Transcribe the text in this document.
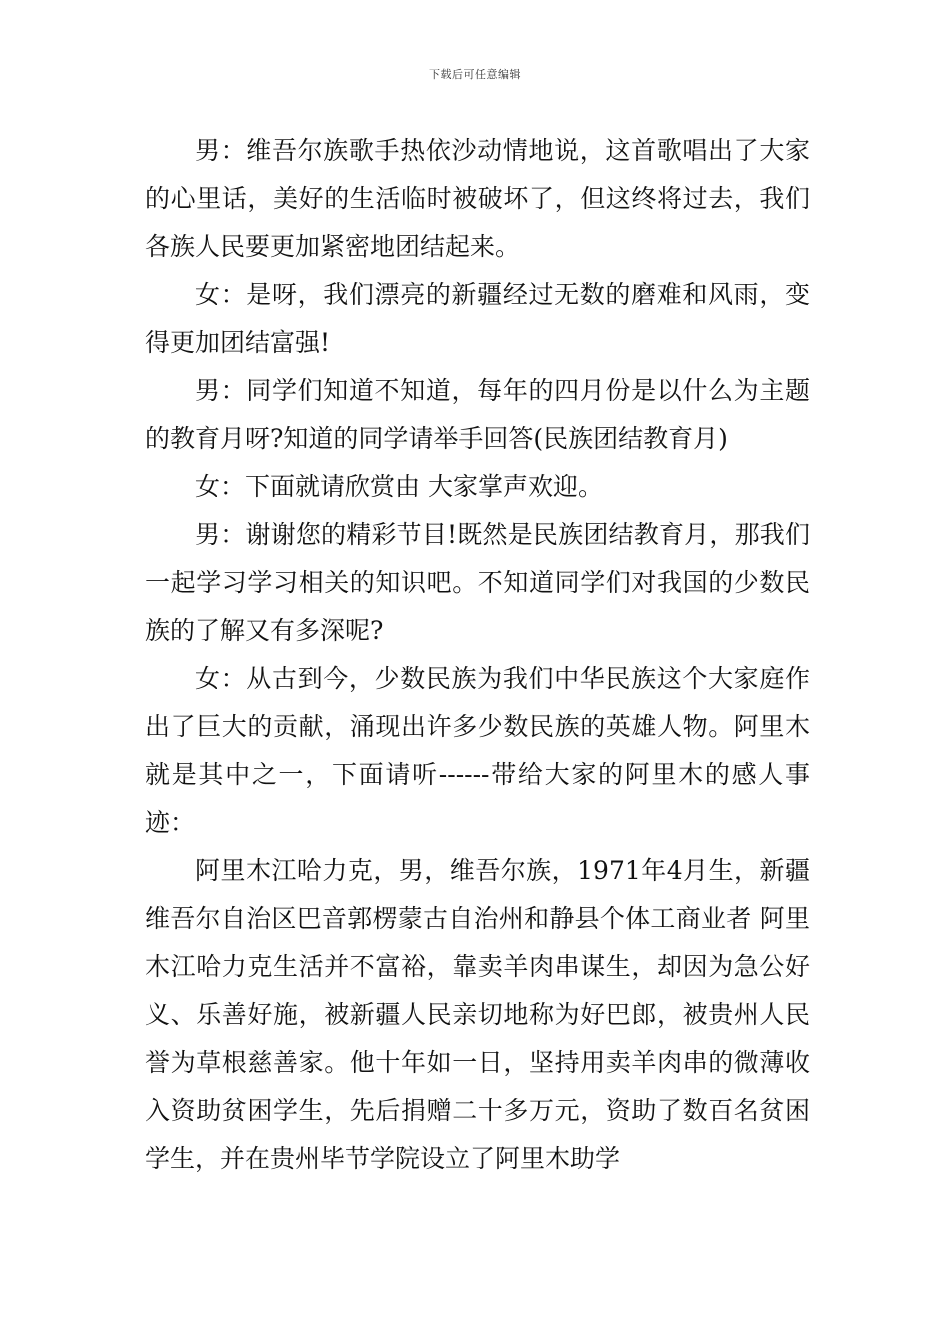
下载后可任意编辑

男：维吾尔族歌手热依沙动情地说，这首歌唱出了大家的心里话，美好的生活临时被破坏了，但这终将过去，我们各族人民要更加紧密地团结起来。

女：是呀，我们漂亮的新疆经过无数的磨难和风雨，变得更加团结富强!

男：同学们知道不知道，每年的四月份是以什么为主题的教育月呀?知道的同学请举手回答(民族团结教育月)

女：下面就请欣赏由 大家掌声欢迎。

男：谢谢您的精彩节目!既然是民族团结教育月，那我们一起学习学习相关的知识吧。不知道同学们对我国的少数民族的了解又有多深呢?

女：从古到今，少数民族为我们中华民族这个大家庭作出了巨大的贡献，涌现出许多少数民族的英雄人物。阿里木就是其中之一，下面请听------带给大家的阿里木的感人事迹：

阿里木江哈力克，男，维吾尔族，1971年4月生，新疆维吾尔自治区巴音郭楞蒙古自治州和静县个体工商业者 阿里木江哈力克生活并不富裕，靠卖羊肉串谋生，却因为急公好义、乐善好施，被新疆人民亲切地称为好巴郎，被贵州人民誉为草根慈善家。他十年如一日，坚持用卖羊肉串的微薄收入资助贫困学生，先后捐赠二十多万元，资助了数百名贫困学生，并在贵州毕节学院设立了阿里木助学
